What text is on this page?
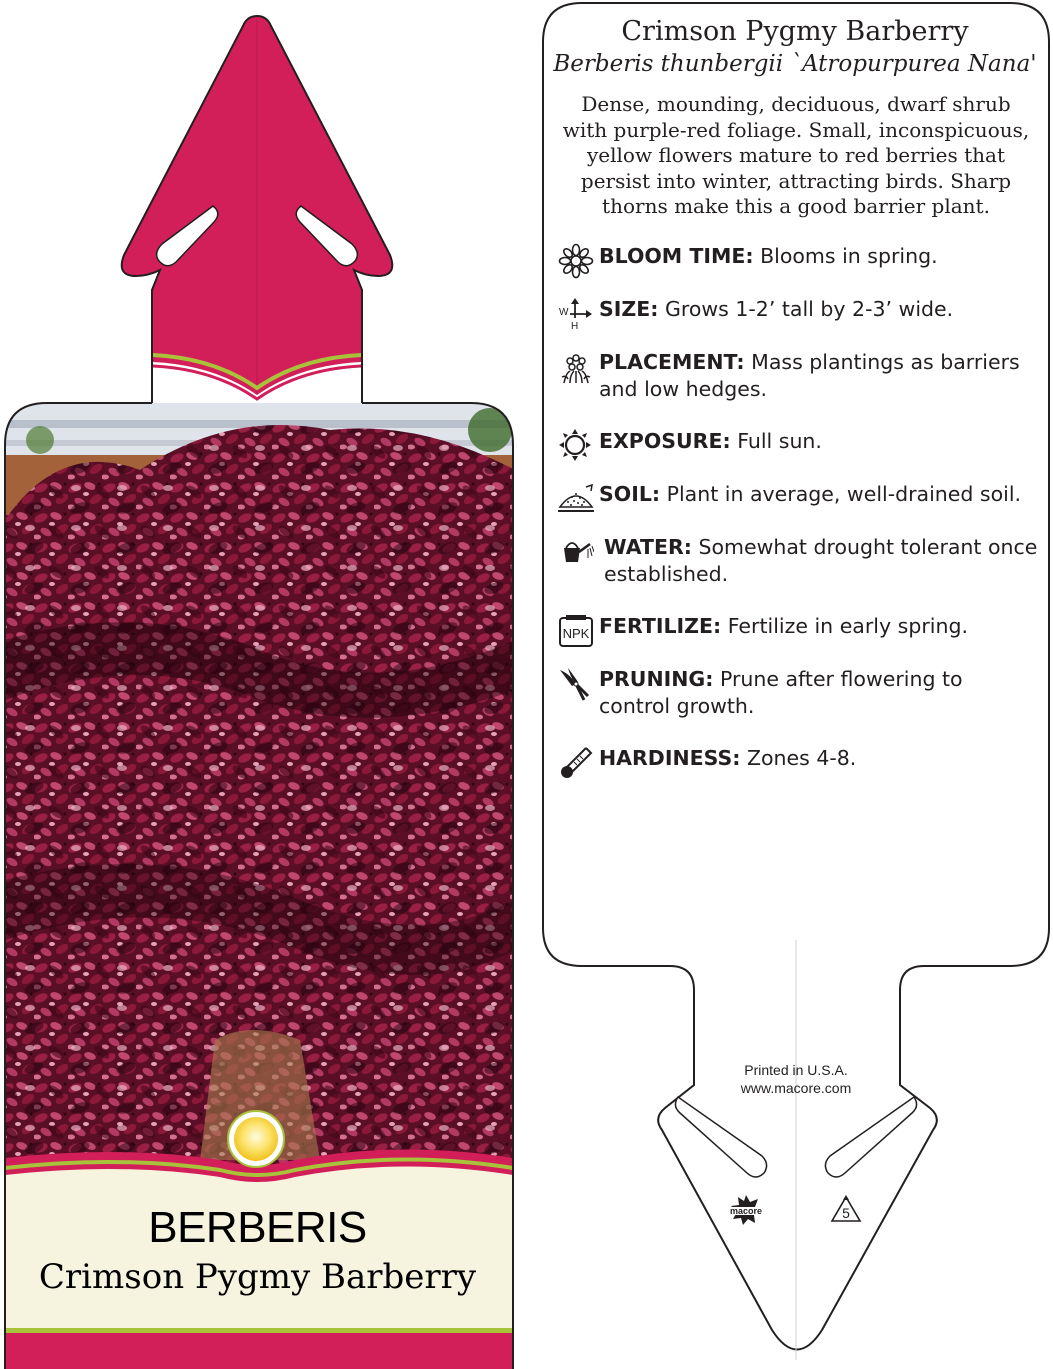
macore	5
Crimson Pygmy Barberry
Berberis thunbergii `Atropurpurea Nana'
Dense, mounding, deciduous, dwarf shrub with purple-red foliage. Small, inconspicuous, yellow flowers mature to red berries that persist into winter, attracting birds. Sharp thorns make this a good barrier plant.
BLOOM TIME: Blooms in spring.
W
H
SIZE: Grows 1-2’ tall by 2-3’ wide.
PLACEMENT: Mass plantings as barriers and low hedges.
EXPOSURE: Full sun.
SOIL: Plant in average, well-drained soil.
WATER: Somewhat drought tolerant once established.
NPK FERTILIZE: Fertilize in early spring.
PRUNING: Prune after flowering to control growth.
HARDINESS: Zones 4-8.
Printed in U.S.A.
www.macore.com
BERBERIS
Crimson Pygmy Barberry
